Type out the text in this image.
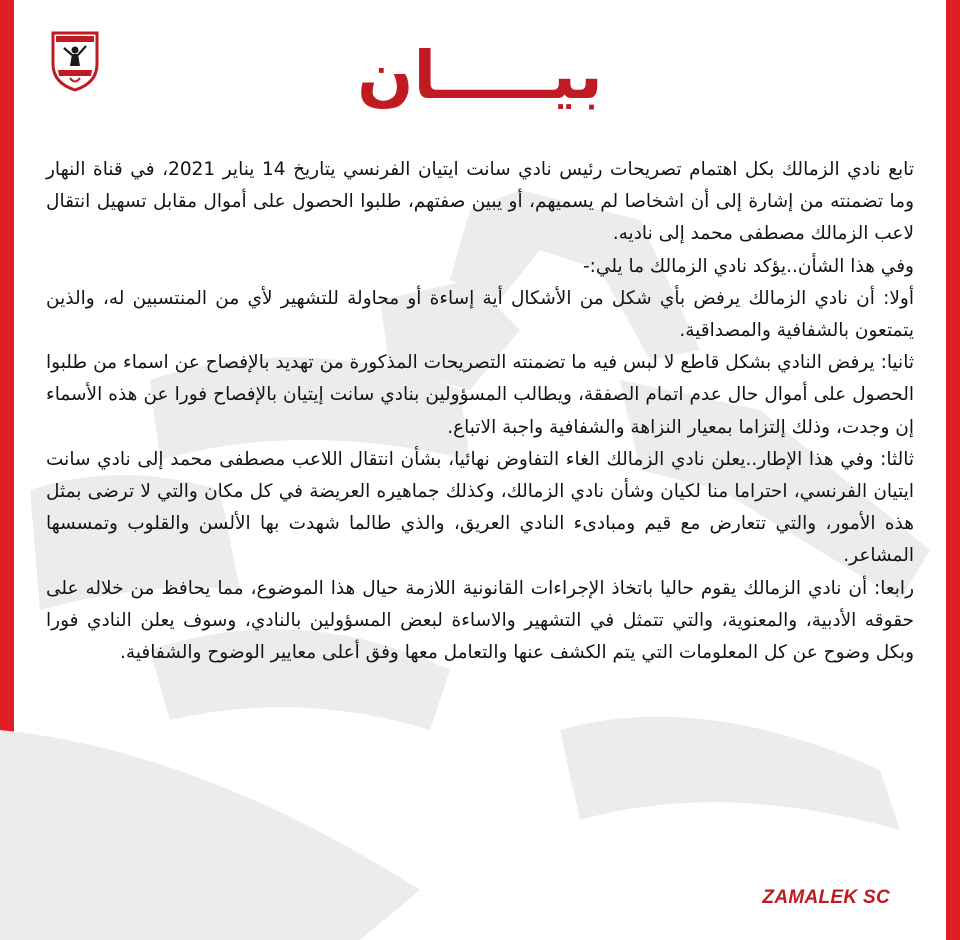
بيـــــان

تابع نادي الزمالك بكل اهتمام تصريحات رئيس نادي سانت ايتيان الفرنسي يتاريخ 14 يناير 2021، في قناة النهار وما تضمنته من إشارة إلى أن اشخاصا لم يسميهم، أو يبين صفتهم، طلبوا الحصول على أموال مقابل تسهيل انتقال لاعب الزمالك مصطفى محمد إلى ناديه.

وفي هذا الشأن..يؤكد نادي الزمالك ما يلي:-

أولا: أن نادي الزمالك يرفض بأي شكل من الأشكال أية إساءة أو محاولة للتشهير لأي من المنتسبين له، والذين يتمتعون بالشفافية والمصداقية.

ثانيا: يرفض النادي بشكل قاطع لا لبس فيه ما تضمنته التصريحات المذكورة من تهديد بالإفصاح عن اسماء من طلبوا الحصول على أموال حال عدم اتمام الصفقة، ويطالب المسؤولين بنادي سانت إيتيان بالإفصاح فورا عن هذه الأسماء إن وجدت، وذلك إلتزاما بمعيار النزاهة والشفافية واجبة الاتباع.

ثالثا: وفي هذا الإطار..يعلن نادي الزمالك الغاء التفاوض نهائيا، بشأن انتقال اللاعب مصطفى محمد إلى نادي سانت ايتيان الفرنسي، احتراما منا لكيان وشأن نادي الزمالك، وكذلك جماهيره العريضة في كل مكان والتي لا ترضى بمثل هذه الأمور، والتي تتعارض مع قيم ومبادىء النادي العريق، والذي طالما شهدت بها الألسن والقلوب وتمسسها المشاعر.

رابعا: أن نادي الزمالك يقوم حاليا باتخاذ الإجراءات القانونية اللازمة حيال هذا الموضوع، مما يحافظ من خلاله على حقوقه الأدبية، والمعنوية، والتي تتمثل في التشهير والاساءة لبعض المسؤولين بالنادي، وسوف يعلن النادي فورا وبكل وضوح عن كل المعلومات التي يتم الكشف عنها والتعامل معها وفق أعلى معايير الوضوح والشفافية.

ZAMALEK SC
